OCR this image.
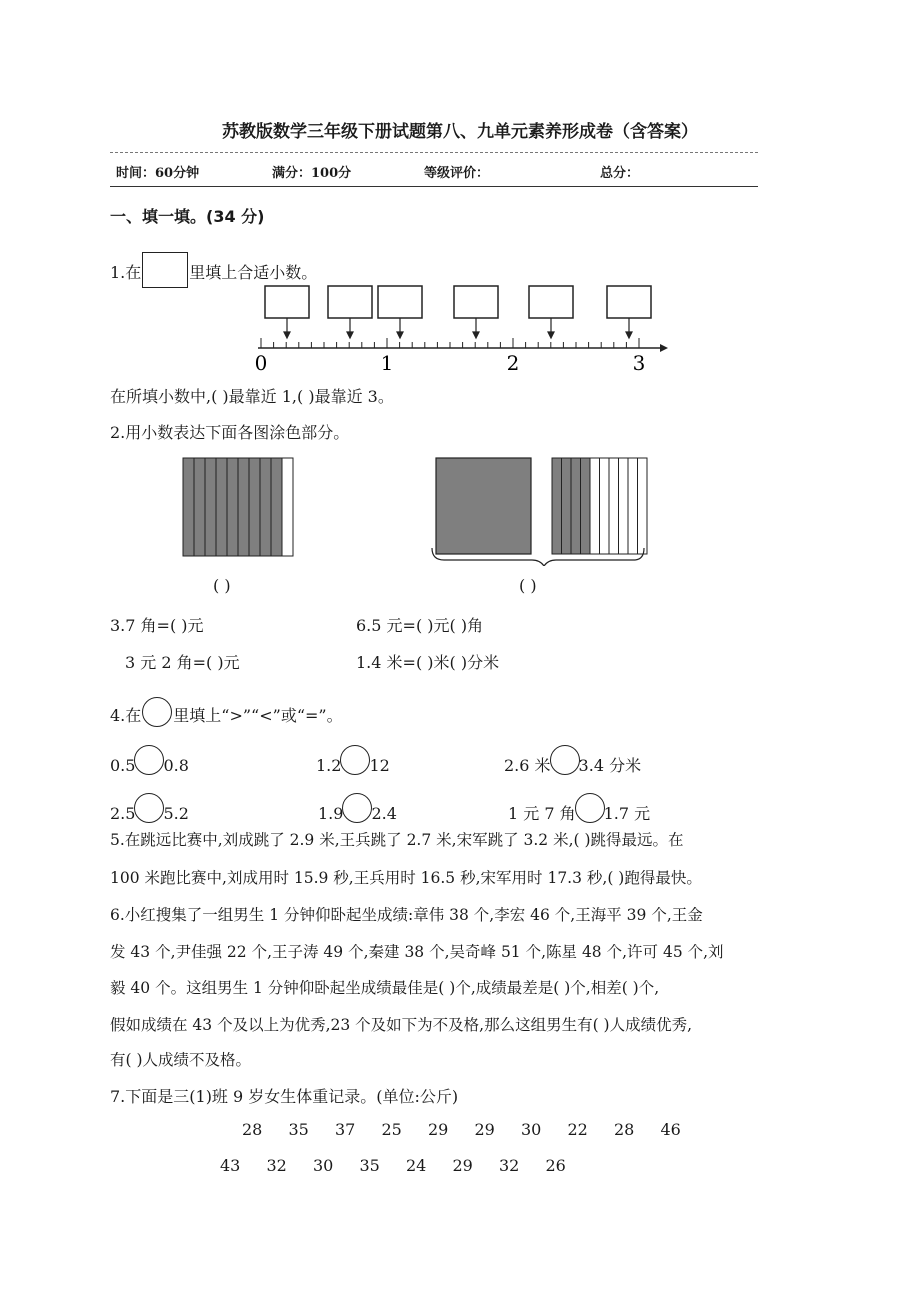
苏教版数学三年级下册试题第八、九单元素养形成卷（含答案）
时间：60分钟	满分：100分	等级评价：	总分：
一、填一填。(34 分)
1.在	里填上合适小数。
0	1	2	3
在所填小数中,( )最靠近 1,( )最靠近 3。
2.用小数表达下面各图涂色部分。
( )	( )
3.7 角=( )元	6.5 元=( )元( )角
3 元 2 角=( )元	1.4 米=( )米( )分米
4.在 里填上“>”“<”或“=”。
0.5 0.8	1.2 12	2.6 米 3.4 分米
2.5 5.2	1.9 2.4	1 元 7 角 1.7 元
5.在跳远比赛中,刘成跳了 2.9 米,王兵跳了 2.7 米,宋军跳了 3.2 米,( )跳得最远。在
100 米跑比赛中,刘成用时 15.9 秒,王兵用时 16.5 秒,宋军用时 17.3 秒,( )跑得最快。
6.小红搜集了一组男生 1 分钟仰卧起坐成绩:章伟 38 个,李宏 46 个,王海平 39 个,王金
发 43 个,尹佳强 22 个,王子涛 49 个,秦建 38 个,吴奇峰 51 个,陈星 48 个,许可 45 个,刘
毅 40 个。这组男生 1 分钟仰卧起坐成绩最佳是( )个,成绩最差是( )个,相差( )个,
假如成绩在 43 个及以上为优秀,23 个及如下为不及格,那么这组男生有( )人成绩优秀,
有( )人成绩不及格。
7.下面是三(1)班 9 岁女生体重记录。(单位:公斤)
28 35 37 25 29 29 30 22 28 46
43 32 30 35 24 29 32 26
